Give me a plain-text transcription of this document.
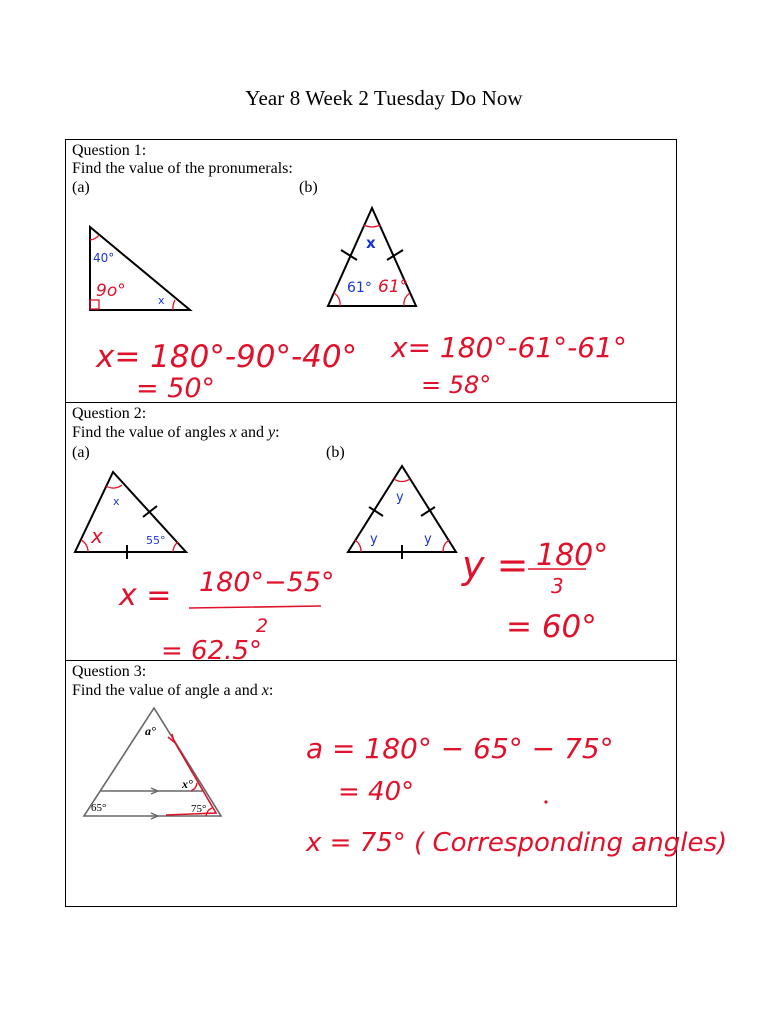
Year 8 Week 2 Tuesday Do Now
Question 1:
Find the value of the pronumerals:
(a)	(b)
40°
9o°	x
x
61° 61°
x= 180°-90°-40°
= 50°
x= 180°-61°-61°
= 58°
Question 2:
Find the value of angles x and y:
(a)	(b)
x
x	55°
y
y	y
x = 180°−55°
2
= 62.5°
y = 180°
3
= 60°
Question 3:
Find the value of angle a and x:
a°
x°
65°	75°
a = 180° − 65° − 75°
= 40°
x = 75° ( Corresponding angles)
